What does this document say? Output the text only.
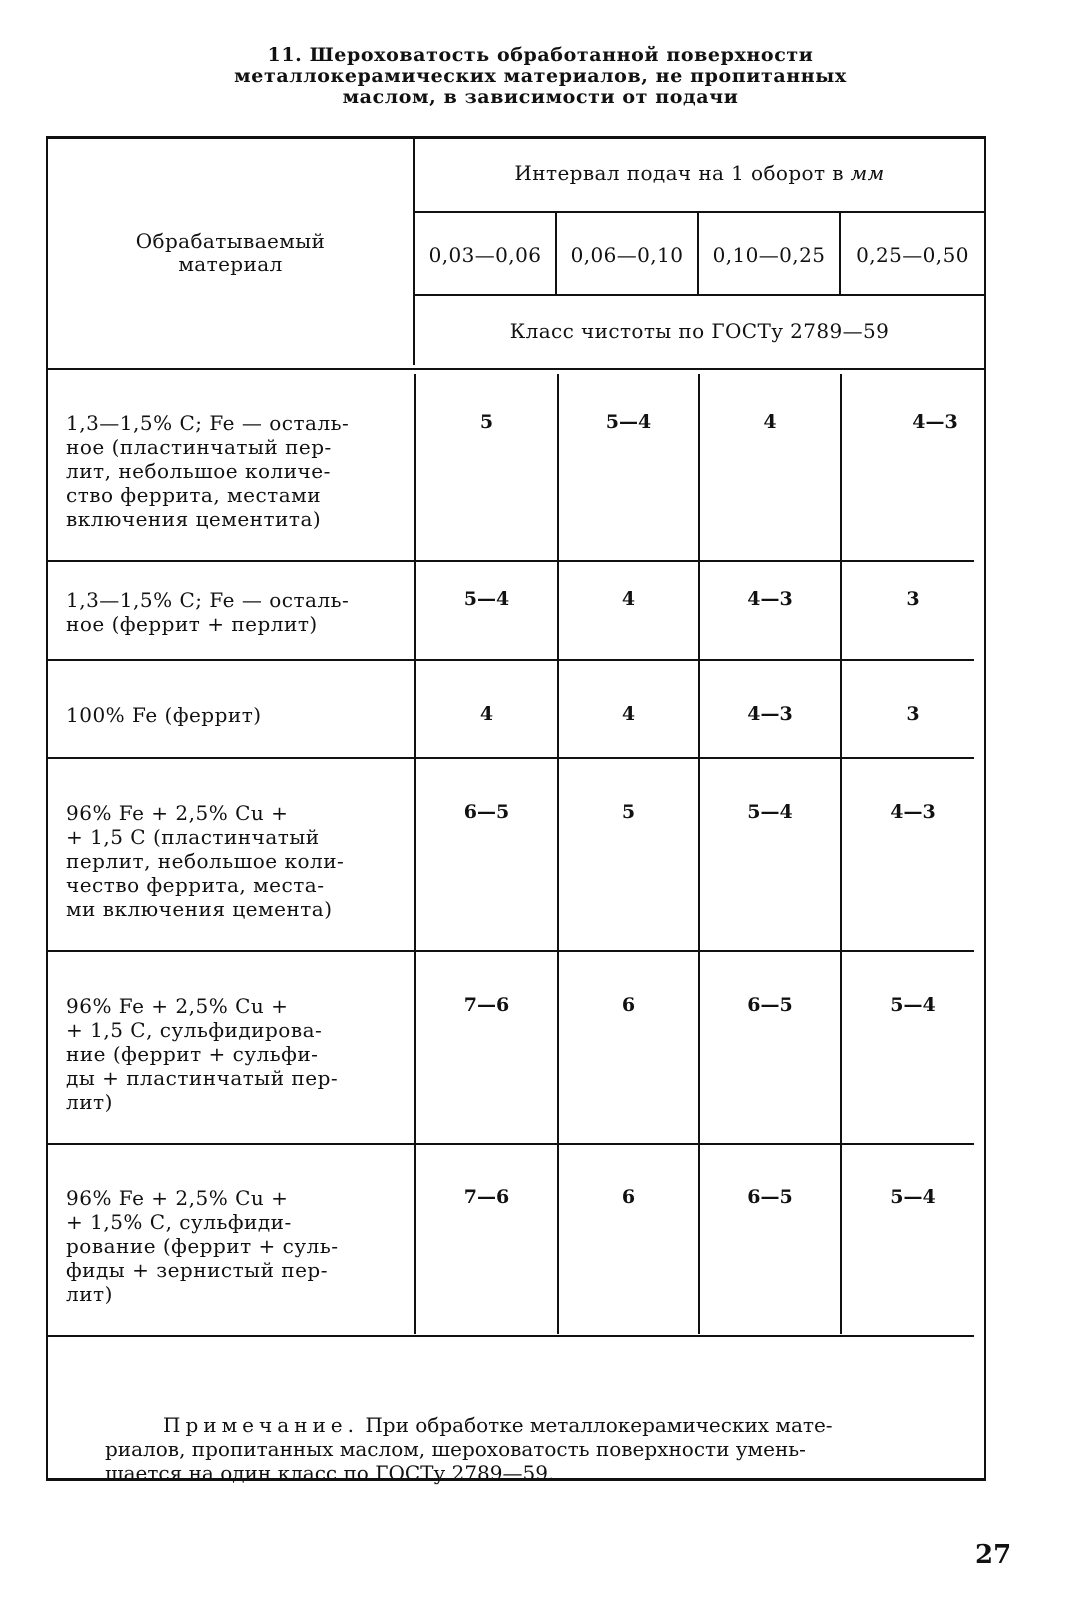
11. Шероховатость обработанной поверхности
металлокерамических материалов, не пропитанных
маслом, в зависимости от подачи
Обрабатываемый
материал
Интервал подач на 1 оборот в мм
0,03—0,06	0,06—0,10	0,10—0,25	0,25—0,50
Класс чистоты по ГОСТу 2789—59
1,3—1,5% С; Fe — осталь-
ное (пластинчатый пер-
лит, небольшое количе-
ство феррита, местами
включения цементита)
5	5—4	4	4—3
1,3—1,5% С; Fe — осталь-
ное (феррит + перлит)
5—4	4	4—3	3
100% Fe (феррит)	4	4	4—3	3
96% Fe + 2,5% Cu +
+ 1,5 С (пластинчатый
перлит, небольшое коли-
чество феррита, места-
ми включения цемента)
6—5	5	5—4	4—3
96% Fe + 2,5% Cu +
+ 1,5 С, сульфидирова-
ние (феррит + сульфи-
ды + пластинчатый пер-
лит)
7—6	6	6—5	5—4
96% Fe + 2,5% Cu +
+ 1,5% С, сульфиди-
рование (феррит + суль-
фиды + зернистый пер-
лит)
7—6	6	6—5	5—4
Примечание. При обработке металлокерамических мате-
риалов, пропитанных маслом, шероховатость поверхности умень-
шается на один класс по ГОСТу 2789—59.
27
